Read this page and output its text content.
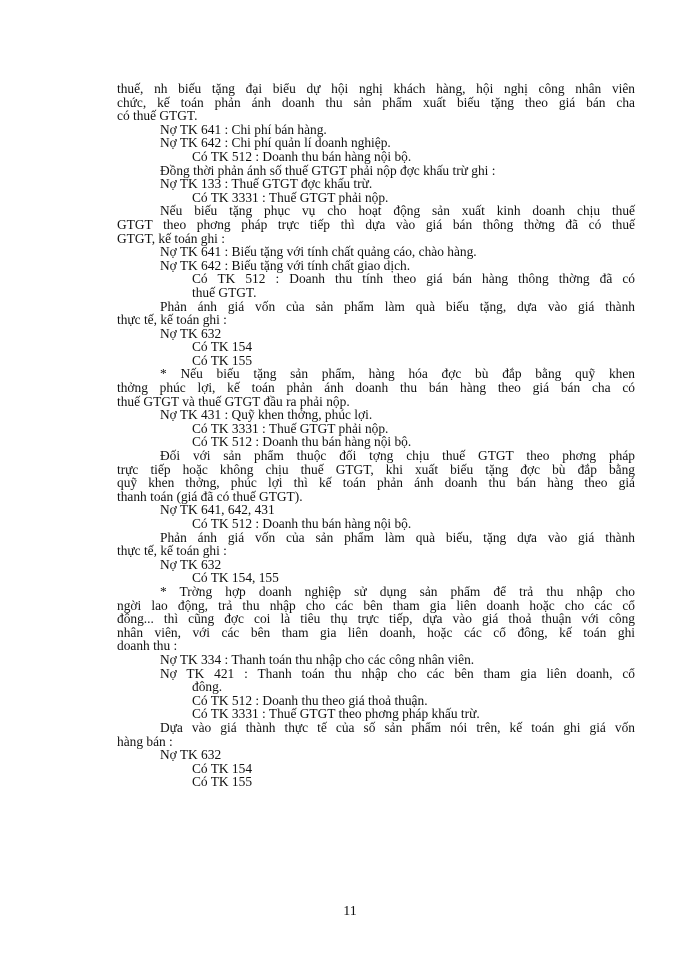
thuế, nh biếu tặng đại biểu dự hội nghị khách hàng, hội nghị công nhân viên

chức, kế toán phản ánh doanh thu sản phẩm xuất biếu tặng theo giá bán cha

có thuế GTGT.

Nợ TK 641 : Chi phí bán hàng.

Nợ TK 642 : Chi phí quản lí doanh nghiệp.

Có TK 512 : Doanh thu bán hàng nội bộ.

Đồng thời phản ánh số thuế GTGT phải nộp đợc khấu trừ ghi :

Nợ TK 133 : Thuế GTGT đợc khấu trừ.

Có TK 3331 : Thuế GTGT phải nộp.

Nếu biếu tặng phục vụ cho hoạt động sản xuất kinh doanh chịu thuế

GTGT theo phơng pháp trực tiếp thì dựa vào giá bán thông thờng đã có thuế

GTGT, kế toán ghi :

Nợ TK 641 : Biếu tặng với tính chất quảng cáo, chào hàng.

Nợ TK 642 : Biếu tặng với tính chất giao dịch.

Có TK 512 : Doanh thu tính theo giá bán hàng thông thờng đã có

thuế GTGT.

Phản ánh giá vốn của sản phẩm làm quà biếu tặng, dựa vào giá thành

thực tế, kế toán ghi :

Nợ TK 632

Có TK 154

Có TK 155

* Nếu biếu tặng sản phẩm, hàng hóa đợc bù đắp bằng quỹ khen

thởng phúc lợi, kế toán phản ánh doanh thu bán hàng theo giá bán cha có

thuế GTGT và thuế GTGT đầu ra phải nộp.

Nợ TK 431 : Quỹ khen thởng, phúc lợi.

Có TK 3331 : Thuế GTGT phải nộp.

Có TK 512 : Doanh thu bán hàng nội bộ.

Đối với sản phẩm thuộc đối tợng chịu thuế GTGT theo phơng pháp

trực tiếp hoặc không chịu thuế GTGT, khi xuất biếu tặng đợc bù đắp bằng

quỹ khen thởng, phúc lợi thì kế toán phản ánh doanh thu bán hàng theo giá

thanh toán (giá đã có thuế GTGT).

Nợ TK 641, 642, 431

Có TK 512 : Doanh thu bán hàng nội bộ.

Phản ánh giá vốn của sản phẩm làm quà biếu, tặng dựa vào giá thành

thực tế, kế toán ghi :

Nợ TK 632

Có TK 154, 155

* Trờng hợp doanh nghiệp sử dụng sản phẩm để trả thu nhập cho

ngời lao động, trả thu nhập cho các bên tham gia liên doanh hoặc cho các cổ

đông... thì cũng đợc coi là tiêu thụ trực tiếp, dựa vào giá thoả thuận với công

nhân viên, với các bên tham gia liên doanh, hoặc các cổ đông, kế toán ghi

doanh thu :

Nợ TK 334 : Thanh toán thu nhập cho các công nhân viên.

Nợ TK 421 : Thanh toán thu nhập cho các bên tham gia liên doanh, cổ

đông.

Có TK 512 : Doanh thu theo giá thoả thuận.

Có TK 3331 : Thuế GTGT theo phơng pháp khấu trừ.

Dựa vào giá thành thực tế của số sản phẩm nói trên, kế toán ghi giá vốn

hàng bán :

Nợ TK 632

Có TK 154

Có TK 155

11
